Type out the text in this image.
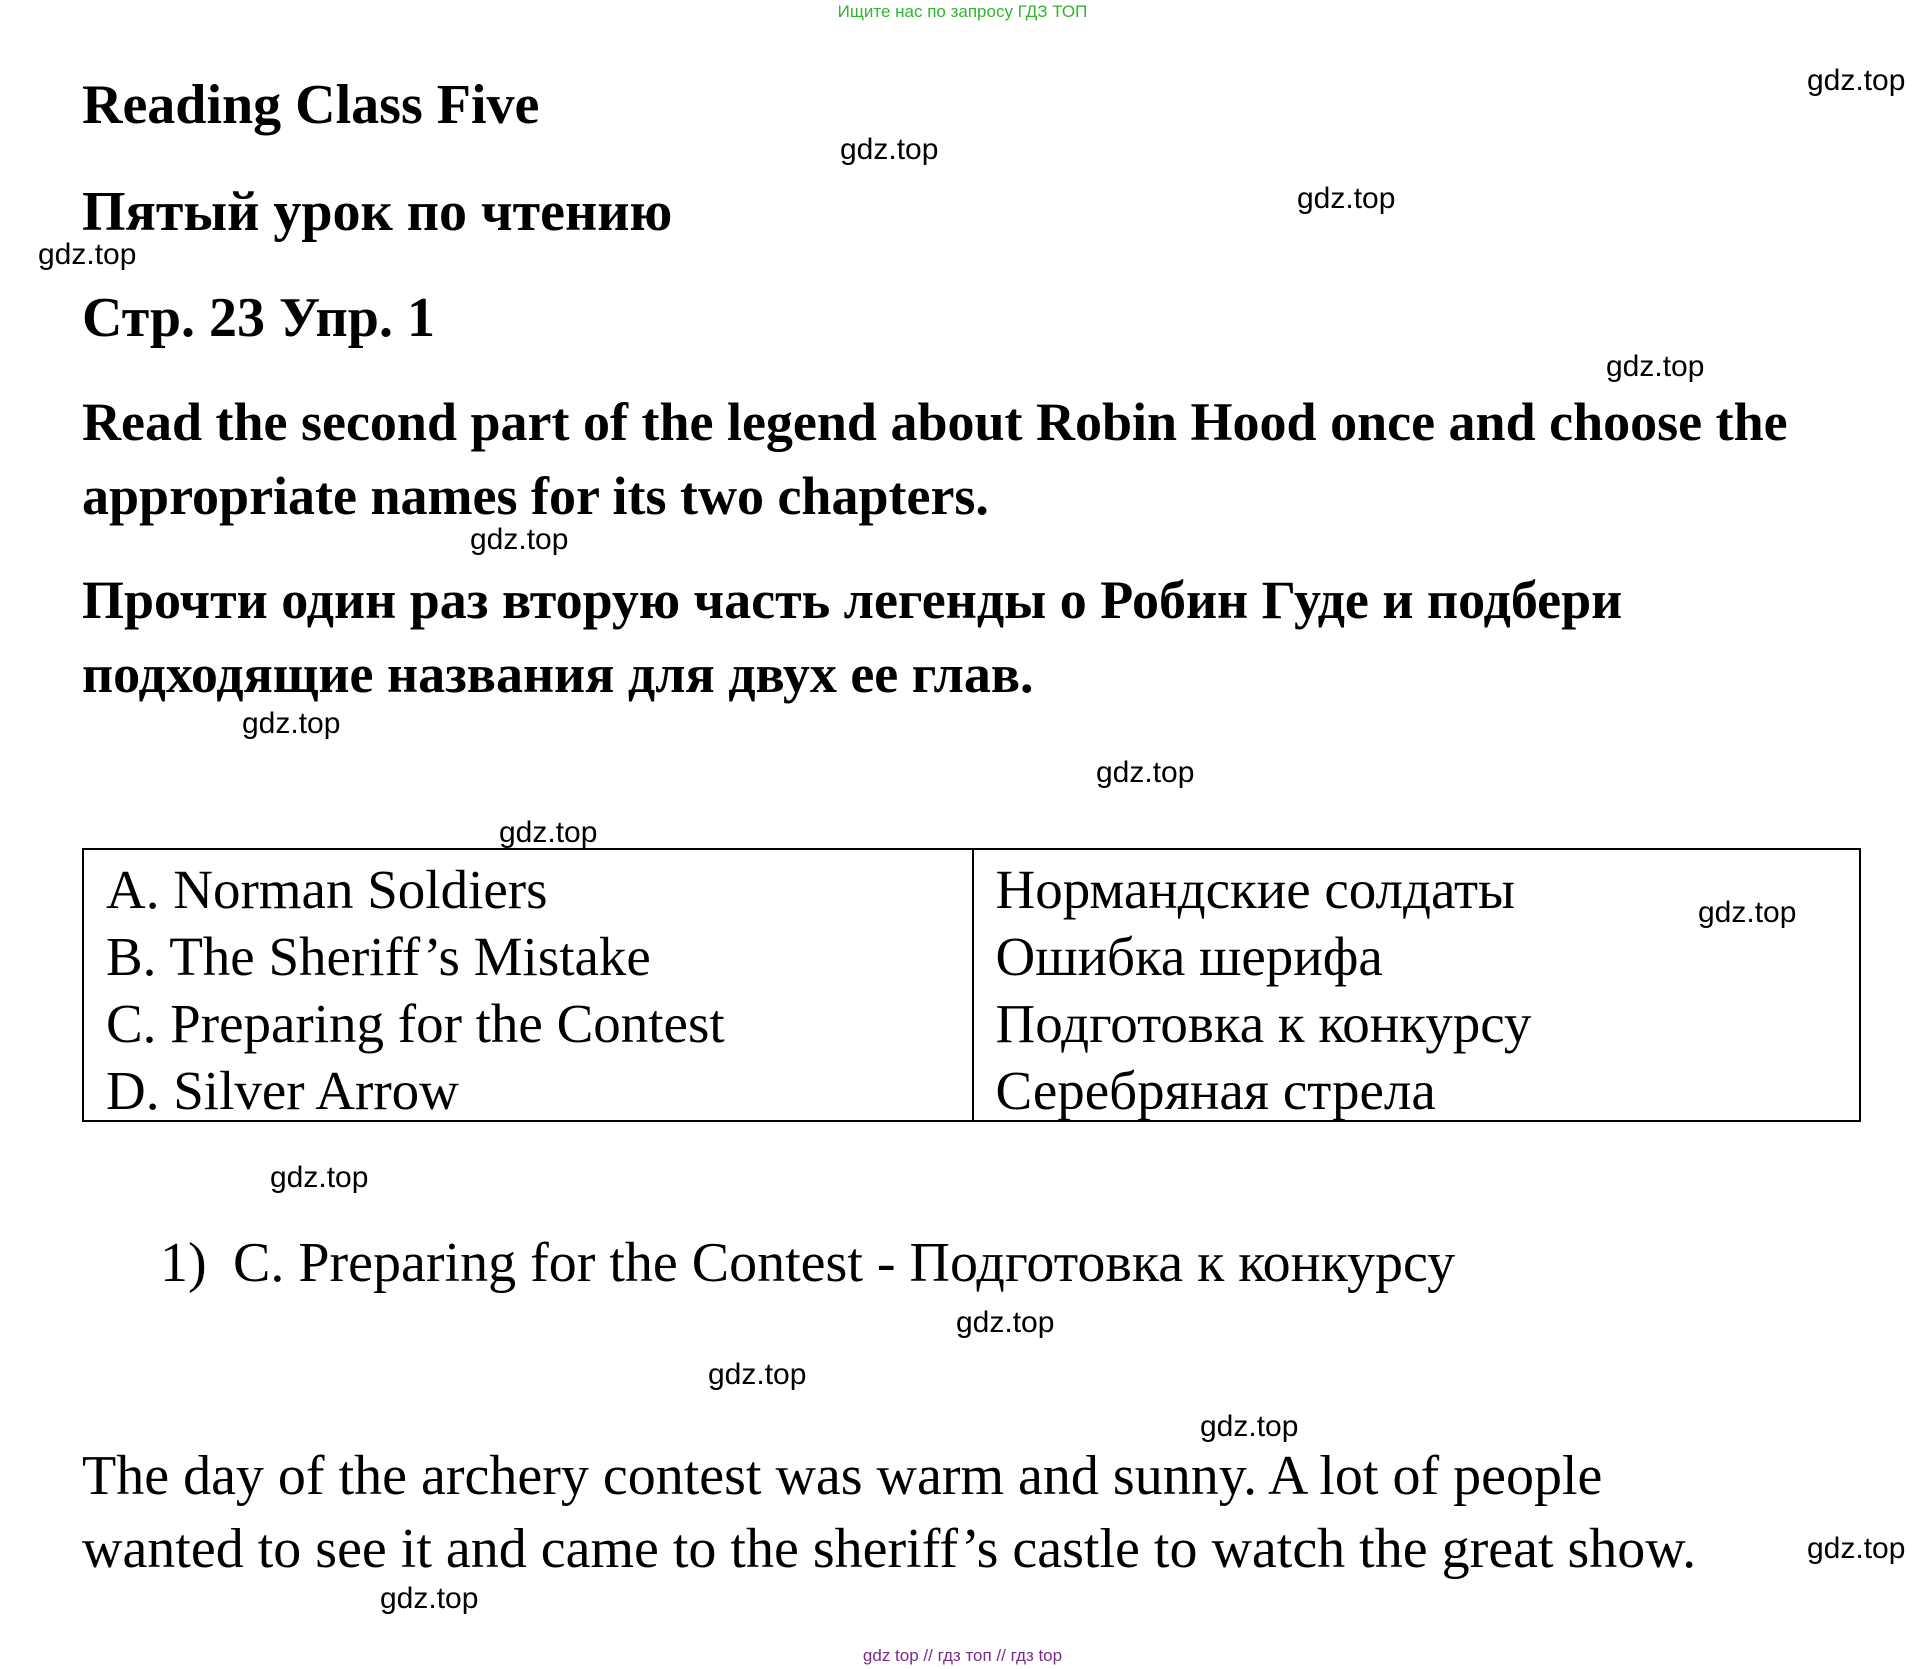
Ищите нас по запросу ГДЗ ТОП
Reading Class Five
Пятый урок по чтению
Стр. 23 Упр. 1
Read the second part of the legend about Robin Hood once and choose the appropriate names for its two chapters.
Прочти один раз вторую часть легенды о Робин Гуде и подбери подходящие названия для двух ее глав.
A. Norman Soldiers
B. The Sheriff’s Mistake
C. Preparing for the Contest
D. Silver Arrow
Нормандские солдаты
Ошибка шерифа
Подготовка к конкурсу
Серебряная стрела
1) C. Preparing for the Contest - Подготовка к конкурсу
The day of the archery contest was warm and sunny. A lot of people
wanted to see it and came to the sheriff’s castle to watch the great show.
gdz.top
gdz.top
gdz.top
gdz.top
gdz.top
gdz.top
gdz.top
gdz.top
gdz.top
gdz.top
gdz.top
gdz.top
gdz.top
gdz.top
gdz.top
gdz.top
gdz top // гдз топ // гдз top
